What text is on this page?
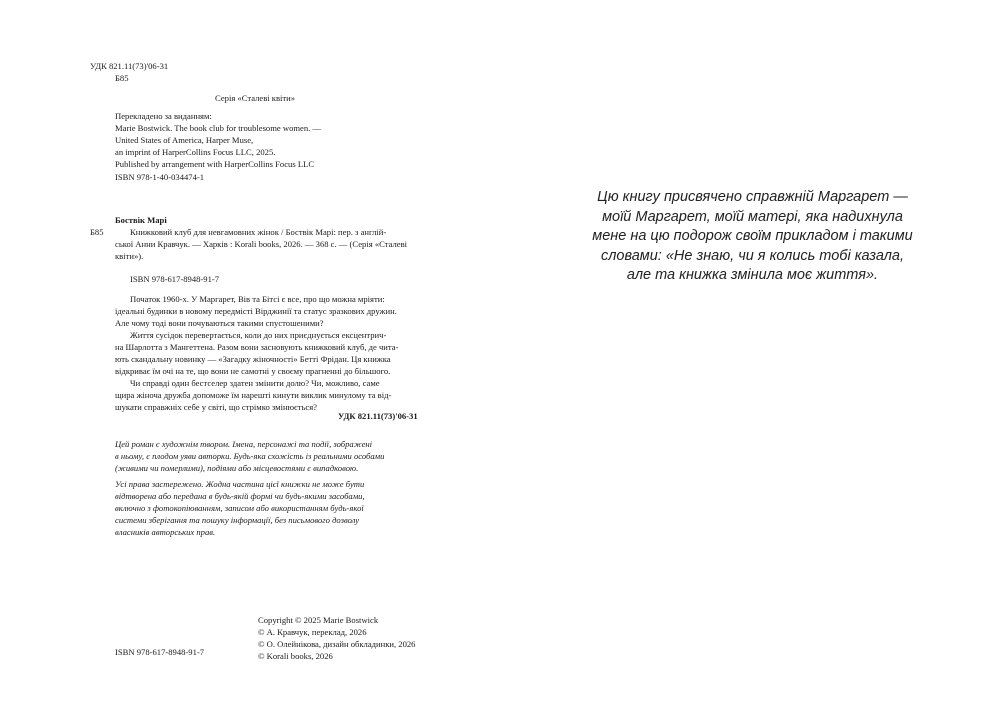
УДК 821.11(73)'06-31
Б85
Серія «Сталеві квіти»
Перекладено за виданням:
Marie Bostwick. The book club for troublesome women. —
United States of America, Harper Muse,
an imprint of HarperCollins Focus LLC, 2025.
Published by arrangement with HarperCollins Focus LLC
ISBN 978-1-40-034474-1
Боствік Марі
Б85	Книжковий клуб для невгамовних жінок / Боствік Марі: пер. з англій-
ської Анни Кравчук. — Харків : Korali books, 2026. — 368 с. — (Серія «Сталеві
квіти»).
ISBN 978-617-8948-91-7
Початок 1960-х. У Маргарет, Вів та Бітсі є все, про що можна мріяти:
ідеальні будинки в новому передмісті Вірджинії та статус зразкових дружин.
Але чому тоді вони почуваються такими спустошеними?
Життя сусідок перевертається, коли до них приєднується ексцентрич-
на Шарлотта з Мангеттена. Разом вони засновують книжковий клуб, де чита-
ють скандальну новинку — «Загадку жіночності» Бетті Фрідан. Ця книжка
відкриває їм очі на те, що вони не самотні у своєму прагненні до більшого.
Чи справді один бестселер здатен змінити долю? Чи, можливо, саме
щира жіноча дружба допоможе їм нарешті кинути виклик минулому та від-
шукати справжніх себе у світі, що стрімко змінюється?
УДК 821.11(73)'06-31
Цей роман є художнім твором. Імена, персонажі та події, зображені
в ньому, є плодом уяви авторки. Будь-яка схожість із реальними особами
(живими чи померлими), подіями або місцевостями є випадковою.
Усі права застережено. Жодна частина цієї книжки не може бути
відтворена або передана в будь-якій формі чи будь-якими засобами,
включно з фотокопіюванням, записом або використанням будь-якої
системи зберігання та пошуку інформації, без письмового дозволу
власників авторських прав.
ISBN 978-617-8948-91-7
Copyright © 2025 Marie Bostwick
© А. Кравчук, переклад, 2026
© О. Олейнікова, дизайн обкладинки, 2026
© Korali books, 2026
Цю книгу присвячено справжній Маргарет —
моїй Маргарет, моїй матері, яка надихнула
мене на цю подорож своїм прикладом і такими
словами: «Не знаю, чи я колись тобі казала,
але та книжка змінила моє життя».
